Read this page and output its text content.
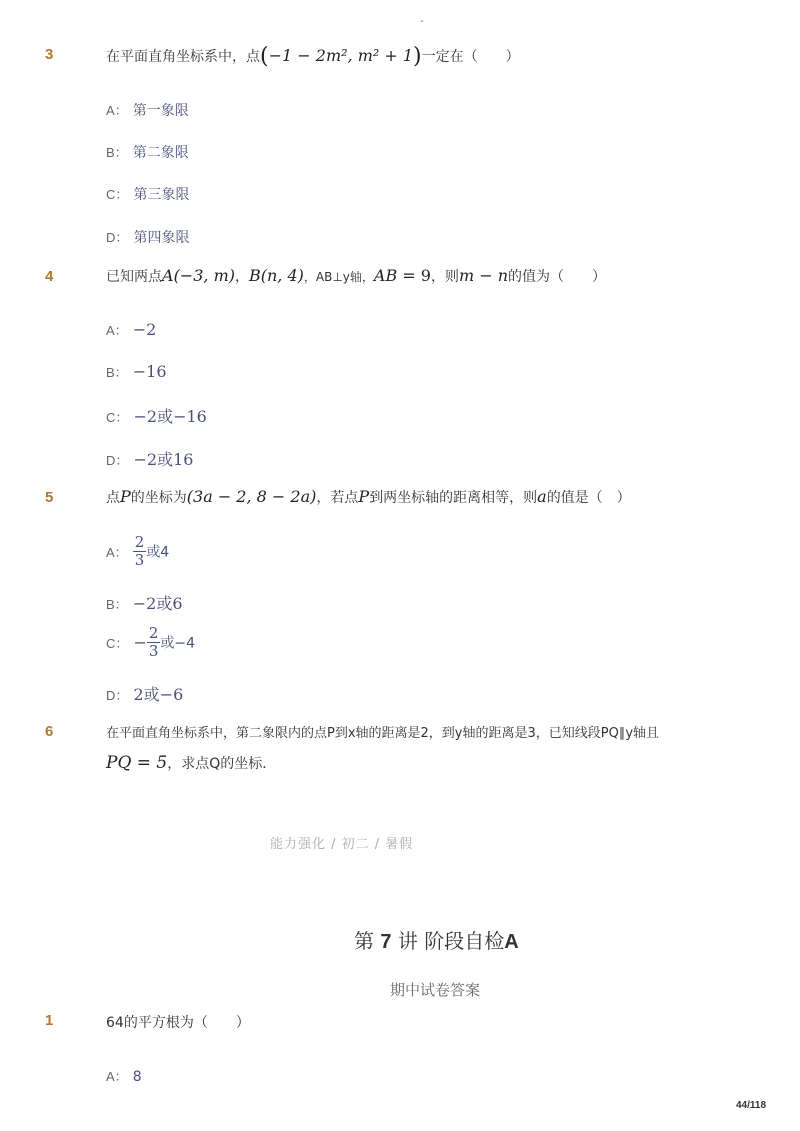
-
3	在平面直角坐标系中，点(−1 − 2m², m² + 1)一定在（　　）
A： 第一象限
B： 第二象限
C： 第三象限
D： 第四象限
4	已知两点A(−3, m)，B(n, 4)，AB⊥y轴，AB = 9，则m − n的值为（　　）
A： −2
B： −16
C： −2或−16
D： −2或16
5	点P的坐标为(3a − 2, 8 − 2a)，若点P到两坐标轴的距离相等，则a的值是（　）
A： $\frac{2}{3}$ 或4
B： −2或6
C： − $\frac{2}{3}$ 或−4
D： 2或−6
6	在平面直角坐标系中，第二象限内的点P到x轴的距离是2，到y轴的距离是3，已知线段PQ∥y轴且
PQ = 5，求点Q的坐标．
能力强化 / 初二 / 暑假
第 7 讲 阶段自检A
期中试卷答案
1	64的平方根为（　　）
A： 8
44/118
